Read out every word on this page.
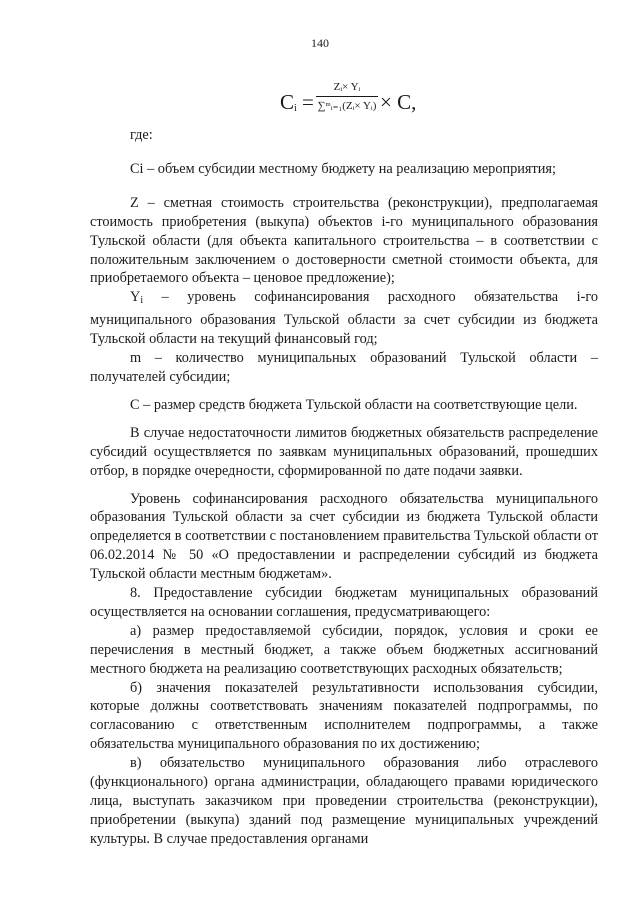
140
$C_i$ =
Zᵢ× Yᵢ
∑ᵐᵢ₌₁(Zᵢ× Yᵢ) × C,

где:

Ci – объем субсидии местному бюджету на реализацию мероприятия;

Z – сметная стоимость строительства (реконструкции), предполагаемая стоимость приобретения (выкупа) объектов i-го муниципального образования Тульской области (для объекта капитального строительства – в соответствии с положительным заключением о достоверности сметной стоимости объекта, для приобретаемого объекта – ценовое предложение);

$Y_i$ – уровень софинансирования расходного обязательства i-го муниципального образования Тульской области за счет субсидии из бюджета Тульской области на текущий финансовый год;

m – количество муниципальных образований Тульской области – получателей субсидии;

С – размер средств бюджета Тульской области на соответствующие цели.

В случае недостаточности лимитов бюджетных обязательств распределение субсидий осуществляется по заявкам муниципальных образований, прошедших отбор, в порядке очередности, сформированной по дате подачи заявки.

Уровень софинансирования расходного обязательства муниципального образования Тульской области за счет субсидии из бюджета Тульской области определяется в соответствии с постановлением правительства Тульской области от 06.02.2014 № 50 «О предоставлении и распределении субсидий из бюджета Тульской области местным бюджетам».

8. Предоставление субсидии бюджетам муниципальных образований осуществляется на основании соглашения, предусматривающего:

а) размер предоставляемой субсидии, порядок, условия и сроки ее перечисления в местный бюджет, а также объем бюджетных ассигнований местного бюджета на реализацию соответствующих расходных обязательств;

б) значения показателей результативности использования субсидии, которые должны соответствовать значениям показателей подпрограммы, по согласованию с ответственным исполнителем подпрограммы, а также обязательства муниципального образования по их достижению;

в) обязательство муниципального образования либо отраслевого (функционального) органа администрации, обладающего правами юридического лица, выступать заказчиком при проведении строительства (реконструкции), приобретении (выкупа) зданий под размещение муниципальных учреждений культуры. В случае предоставления органами
